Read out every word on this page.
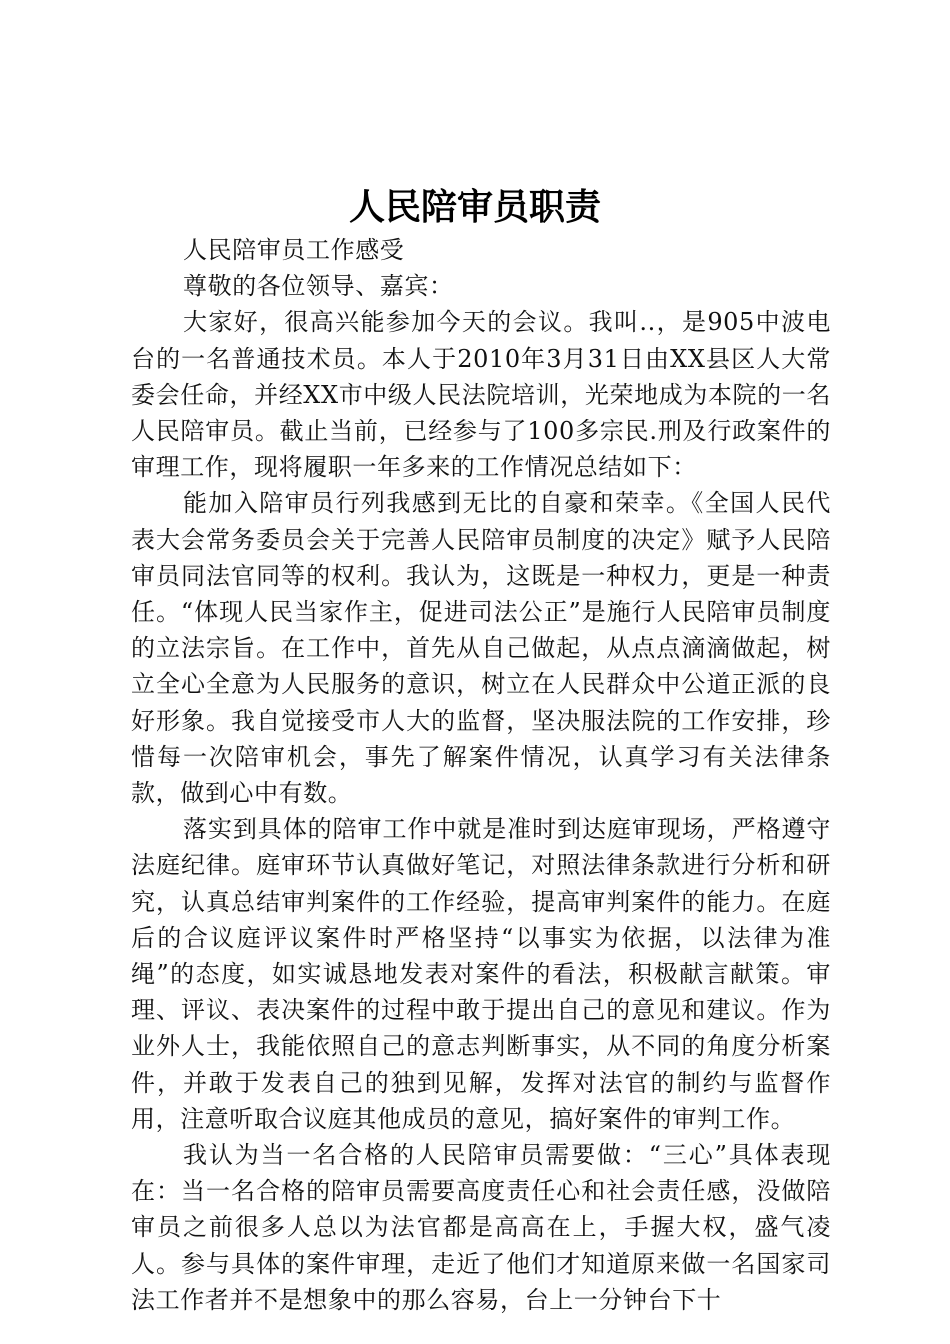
人民陪审员职责

人民陪审员工作感受

尊敬的各位领导、嘉宾：

大家好，很高兴能参加今天的会议。我叫..，是905中波电台的一名普通技术员。本人于2010年3月31日由XX县区人大常委会任命，并经XX市中级人民法院培训，光荣地成为本院的一名人民陪审员。截止当前，已经参与了100多宗民.刑及行政案件的审理工作，现将履职一年多来的工作情况总结如下：

能加入陪审员行列我感到无比的自豪和荣幸。《全国人民代表大会常务委员会关于完善人民陪审员制度的决定》赋予人民陪审员同法官同等的权利。我认为，这既是一种权力，更是一种责任。“体现人民当家作主，促进司法公正”是施行人民陪审员制度的立法宗旨。在工作中，首先从自己做起，从点点滴滴做起，树立全心全意为人民服务的意识，树立在人民群众中公道正派的良好形象。我自觉接受市人大的监督，坚决服法院的工作安排，珍惜每一次陪审机会，事先了解案件情况，认真学习有关法律条款，做到心中有数。

落实到具体的陪审工作中就是准时到达庭审现场，严格遵守法庭纪律。庭审环节认真做好笔记，对照法律条款进行分析和研究，认真总结审判案件的工作经验，提高审判案件的能力。在庭后的合议庭评议案件时严格坚持“以事实为依据，以法律为准绳”的态度，如实诚恳地发表对案件的看法，积极献言献策。审理、评议、表决案件的过程中敢于提出自己的意见和建议。作为业外人士，我能依照自己的意志判断事实，从不同的角度分析案件，并敢于发表自己的独到见解，发挥对法官的制约与监督作用，注意听取合议庭其他成员的意见，搞好案件的审判工作。

我认为当一名合格的人民陪审员需要做：“三心”具体表现在：当一名合格的陪审员需要高度责任心和社会责任感，没做陪审员之前很多人总以为法官都是高高在上，手握大权，盛气凌人。参与具体的案件审理，走近了他们才知道原来做一名国家司法工作者并不是想象中的那么容易，台上一分钟台下十
